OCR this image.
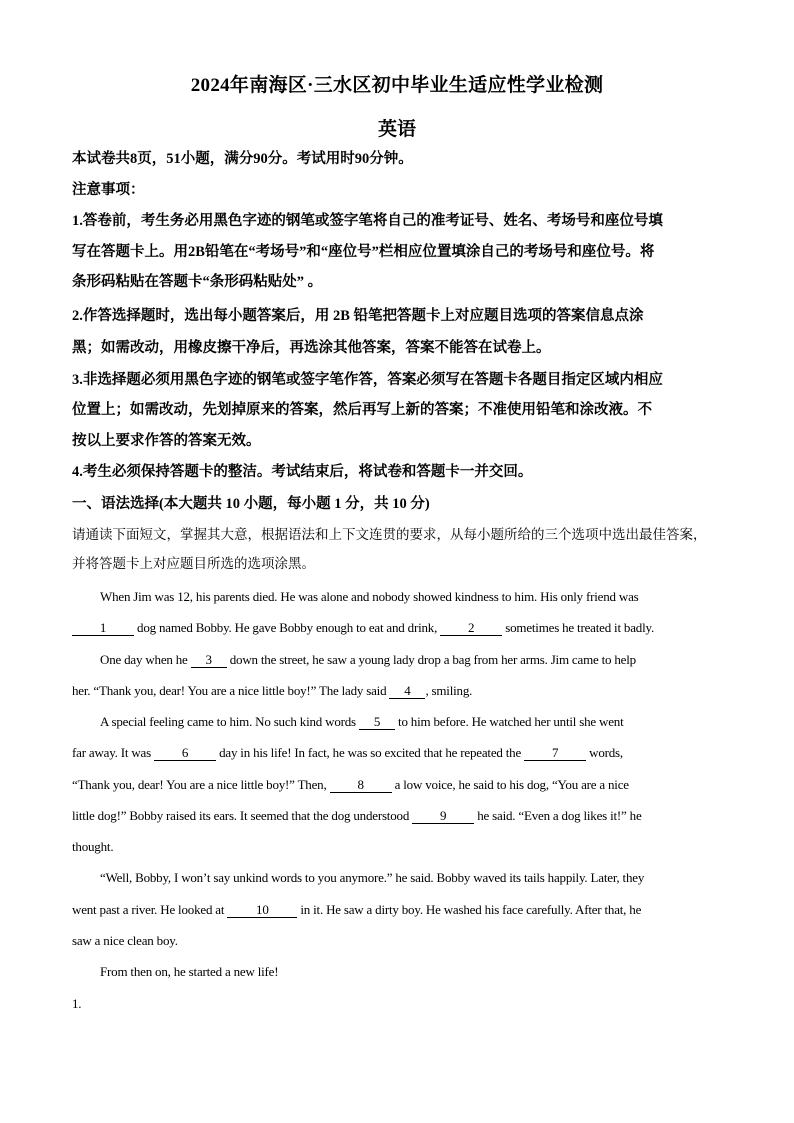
2024年南海区·三水区初中毕业生适应性学业检测
英语
本试卷共8页，51小题，满分90分。考试用时90分钟。
注意事项：
1.答卷前，考生务必用黑色字迹的钢笔或签字笔将自己的准考证号、姓名、考场号和座位号填
写在答题卡上。用2B铅笔在“考场号”和“座位号”栏相应位置填涂自己的考场号和座位号。将
条形码粘贴在答题卡“条形码粘贴处” 。
2.作答选择题时，选出每小题答案后，用 2B 铅笔把答题卡上对应题目选项的答案信息点涂
黑；如需改动，用橡皮擦干净后，再选涂其他答案，答案不能答在试卷上。
3.非选择题必须用黑色字迹的钢笔或签字笔作答，答案必须写在答题卡各题目指定区域内相应
位置上；如需改动，先划掉原来的答案，然后再写上新的答案；不准使用铅笔和涂改液。不
按以上要求作答的答案无效。
4.考生必须保持答题卡的整洁。考试结束后，将试卷和答题卡一并交回。
一、语法选择(本大题共 10 小题，每小题 1 分，共 10 分)
请通读下面短文，掌握其大意，根据语法和上下文连贯的要求，从每小题所给的三个选项中选出最佳答案，
并将答题卡上对应题目所选的选项涂黑。
When Jim was 12, his parents died. He was alone and nobody showed kindness to him. His only friend was
1 dog named Bobby. He gave Bobby enough to eat and drink, 2 sometimes he treated it badly.
One day when he 3 down the street, he saw a young lady drop a bag from her arms. Jim came to help
her. “Thank you, dear! You are a nice little boy!” The lady said 4 , smiling.
A special feeling came to him. No such kind words 5 to him before. He watched her until she went
far away. It was 6 day in his life! In fact, he was so excited that he repeated the 7 words,
“Thank you, dear! You are a nice little boy!” Then, 8 a low voice, he said to his dog, “You are a nice
little dog!” Bobby raised its ears. It seemed that the dog understood 9 he said. “Even a dog likes it!” he
thought.
“Well, Bobby, I won’t say unkind words to you anymore.” he said. Bobby waved its tails happily. Later, they
went past a river. He looked at 10 in it. He saw a dirty boy. He washed his face carefully. After that, he
saw a nice clean boy.
From then on, he started a new life!
1.
